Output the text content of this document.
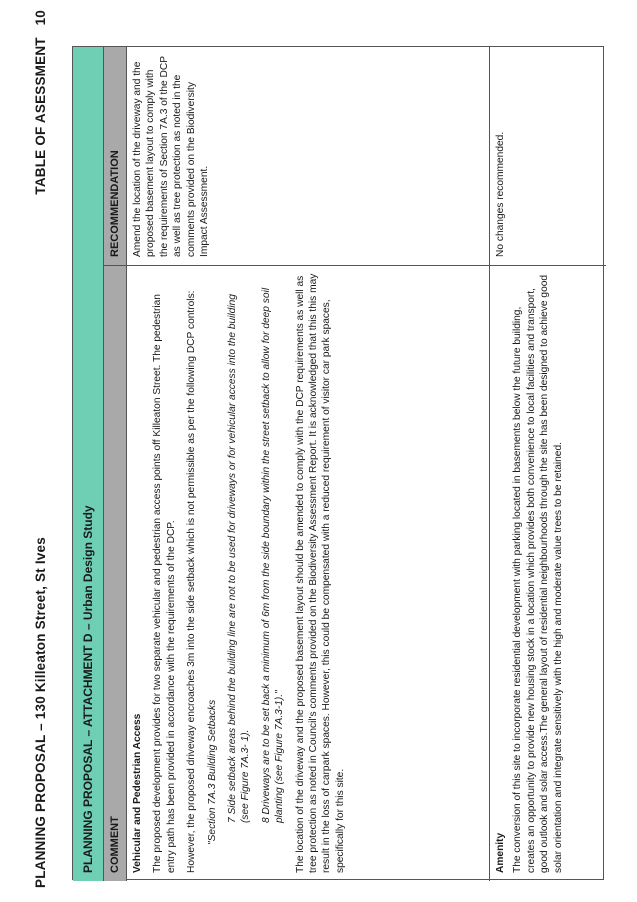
PLANNING PROPOSAL – 130 Killeaton Street, St Ives
TABLE OF ASESSMENT   10
PLANNING PROPOSAL – ATTACHMENT D – Urban Design Study	COMMENT
RECOMMENDATION
Vehicular and Pedestrian Access The proposed development provides for two separate vehicular and pedestrian access points off Killeaton Street. The pedestrian entry path has been provided in accordance with the requirements of the DCP. However, the proposed driveway encroaches 3m into the side setback which is not permissible as per the following DCP controls: "Section 7A.3 Building Setbacks 7 Side setback areas behind the building line are not to be used for driveways or for vehicular access into the building (see Figure 7A.3- 1). 8 Driveways are to be set back a minimum of 6m from the side boundary within the street setback to allow for deep soil planting (see Figure 7A.3-1)." The location of the driveway and the proposed basement layout should be amended to comply with the DCP requirements as well as tree protection as noted in Council's comments provided on the Biodiversity Assessment Report. It is acknowledged that this this may result in the loss of carpark spaces. However, this could be compensated with a reduced requirement of visitor car park spaces, specifically for this site.

Amend the location of the driveway and the proposed basement layout to comply with the requirements of Section 7A.3 of the DCP as well as tree protection as noted in the comments provided on the Biodiversity Impact Assessment.
Amenity The conversion of this site to incorporate residential development with parking located in basements below the future building, creates an opportunity to provide new housing stock in a location which provides both convenience to local facilities and transport, good outlook and solar access.The general layout of residential neighbourhoods through the site has been designed to achieve good solar orientation and integrate sensitively with the high and moderate value trees to be retained.

No changes recommended.
